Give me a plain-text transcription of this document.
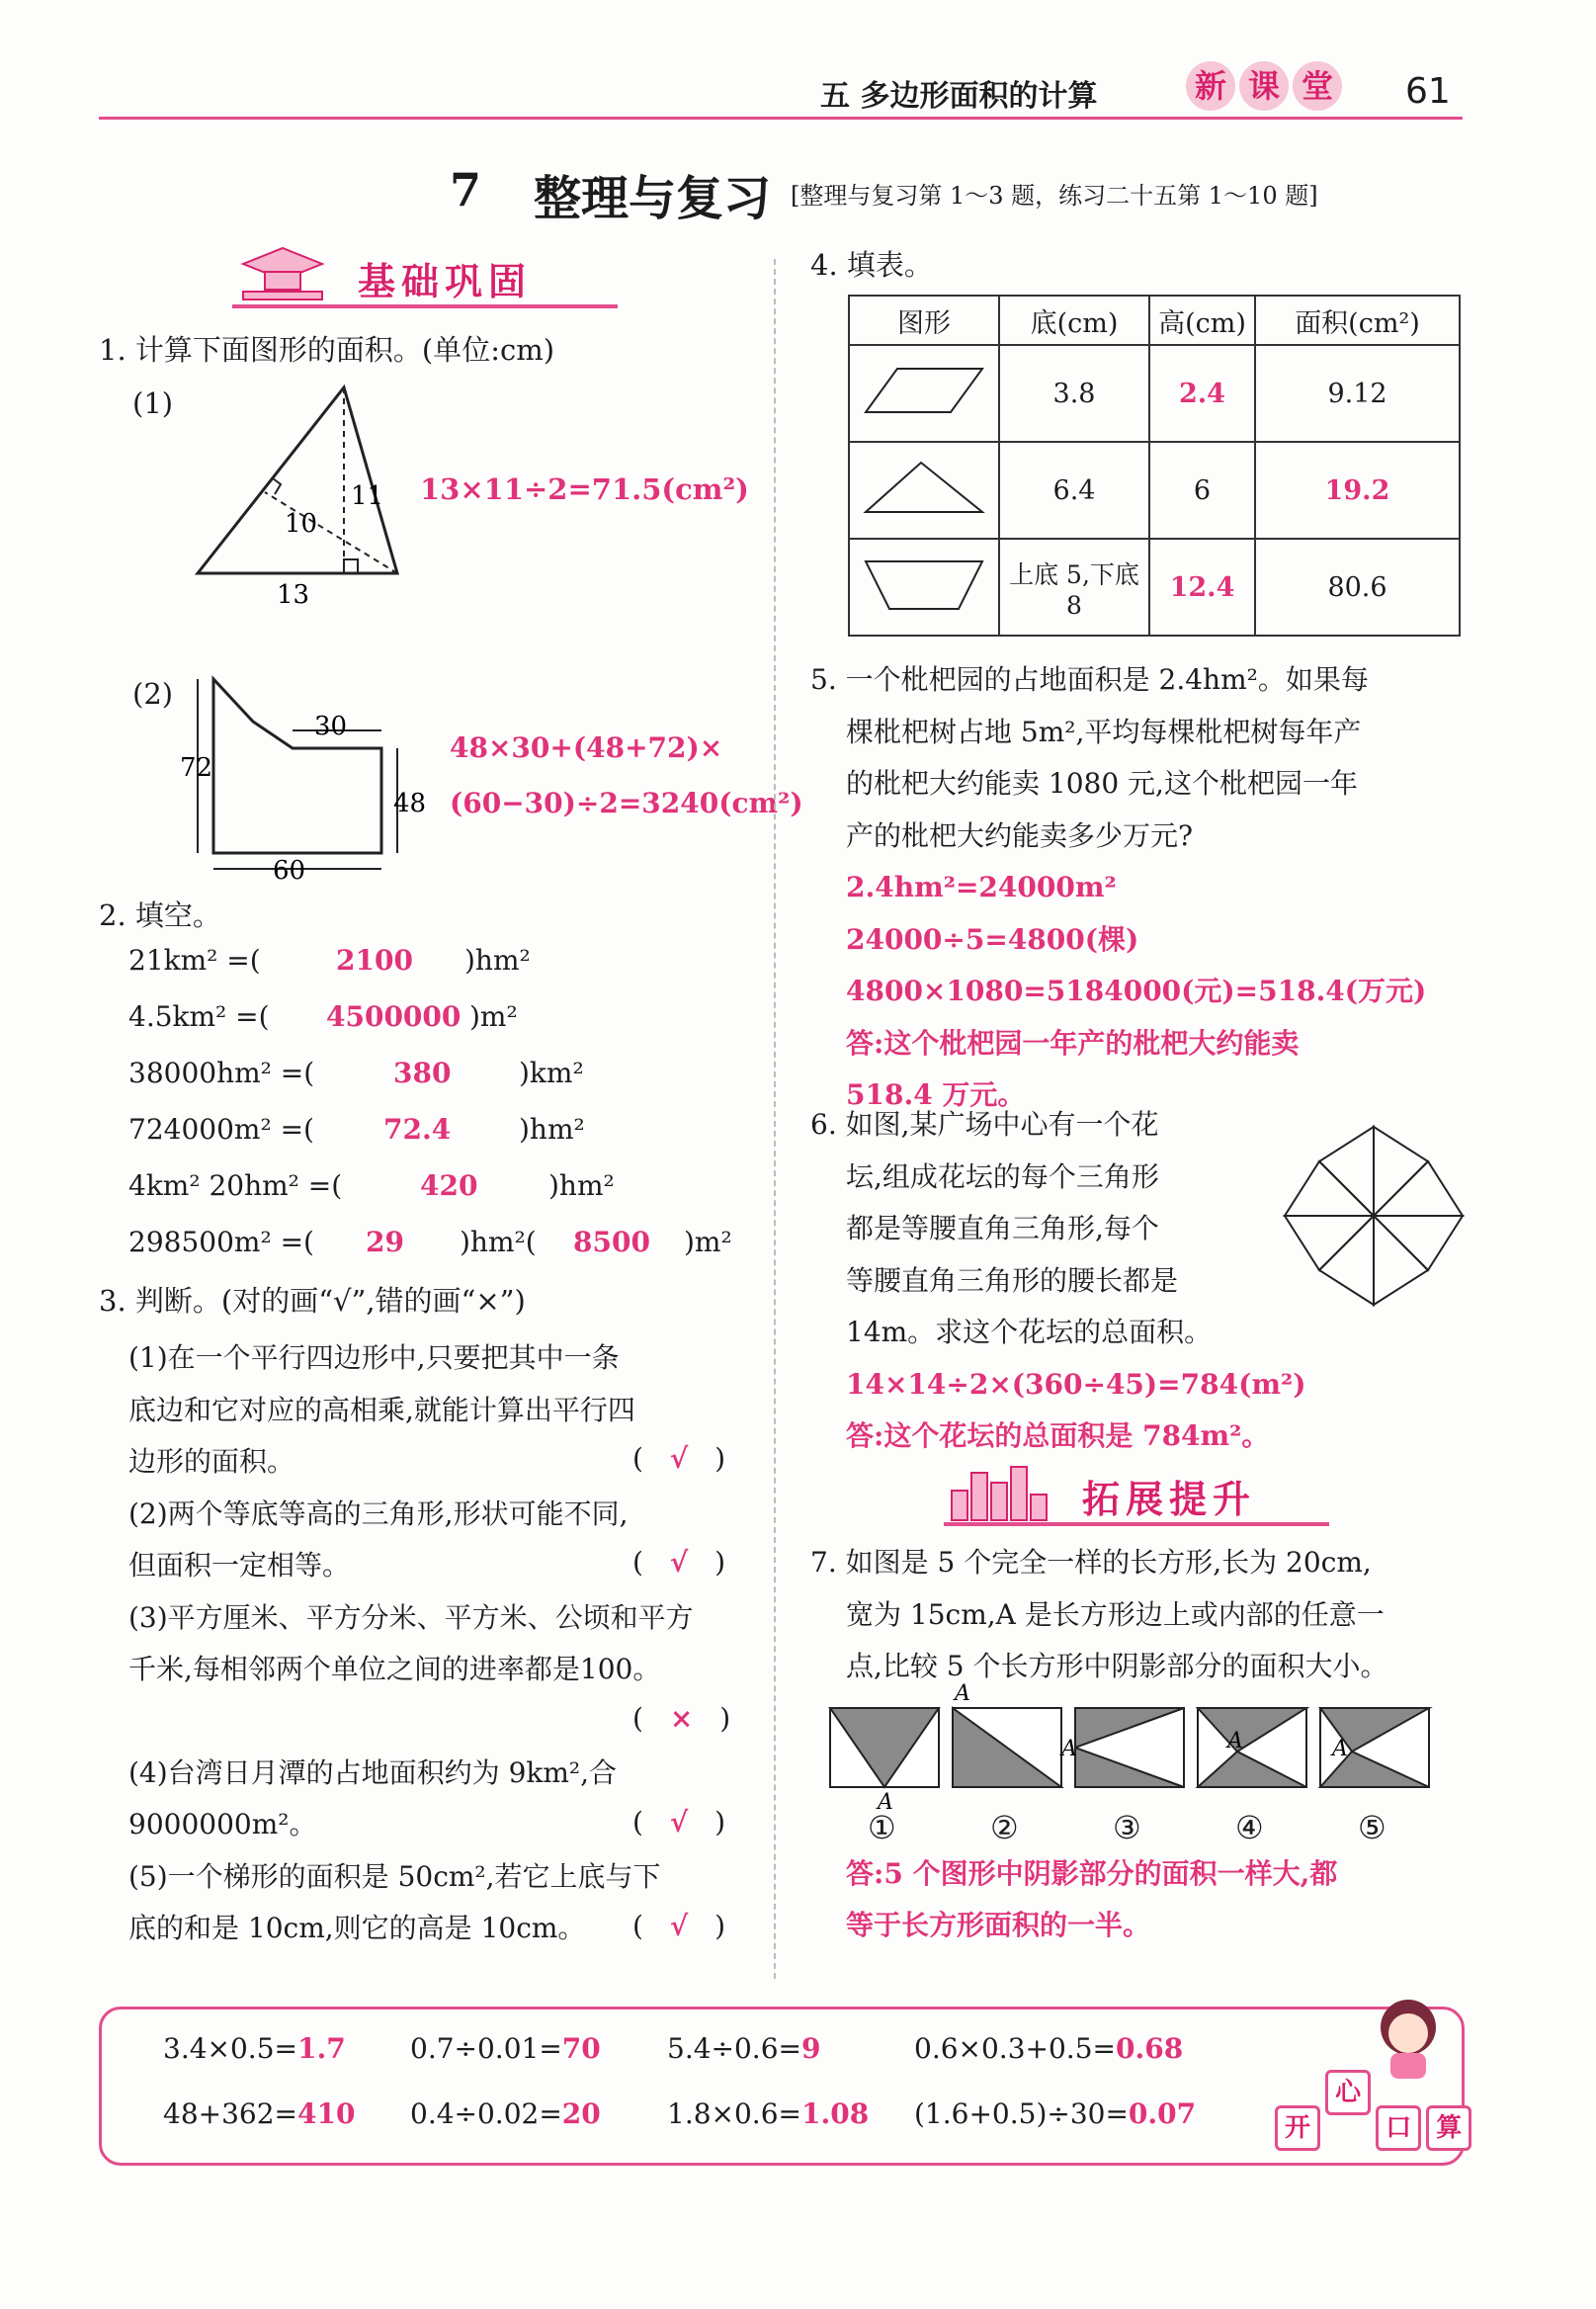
五 多边形面积的计算	新 课 堂	61
7 整理与复习 [整理与复习第 1～3 题，练习二十五第 1～10 题]
基础巩固
1. 计算下面图形的面积。(单位:cm)
(1)
11
10
13
13×11÷2=71.5(cm²)
(2)
72
48
30
60
48×30+(48+72)×
(60−30)÷2=3240(cm²)
2. 填空。
21km² =(	2100 )hm²
4.5km² =( 4500000 )m²
38000hm² =(	380 )km²
724000m² =(	72.4 )hm²
4km² 20hm² =(	420	)hm²
298500m² =( 29 )hm²( 8500 )m²
3. 判断。(对的画“√”,错的画“×”)
(1)在一个平行四边形中,只要把其中一条
底边和它对应的高相乘,就能计算出平行四
边形的面积。
(2)两个等底等高的三角形,形状可能不同,
但面积一定相等。
(3)平方厘米、平方分米、平方米、公顷和平方
千米,每相邻两个单位之间的进率都是100。
(4)台湾日月潭的占地面积约为 9km²,合
9000000m²。
(5)一个梯形的面积是 50cm²,若它上底与下
底的和是 10cm,则它的高是 10cm。
( √ )
( √ )
( × )
( √ )
( √ )
4. 填表。
图形	底(cm)	高(cm)	面积(cm²)
	3.8	2.4	9.12
	6.4	6	19.2
	上底 5,下底 8	12.4	80.6
5. 一个枇杷园的占地面积是 2.4hm²。如果每
棵枇杷树占地 5m²,平均每棵枇杷树每年产
的枇杷大约能卖 1080 元,这个枇杷园一年
产的枇杷大约能卖多少万元?
2.4hm²=24000m²
24000÷5=4800(棵)
4800×1080=5184000(元)=518.4(万元)
答:这个枇杷园一年产的枇杷大约能卖
518.4 万元。
6. 如图,某广场中心有一个花
坛,组成花坛的每个三角形
都是等腰直角三角形,每个
等腰直角三角形的腰长都是
14m。求这个花坛的总面积。
14×14÷2×(360÷45)=784(m²)
答:这个花坛的总面积是 784m²。
拓展提升
7. 如图是 5 个完全一样的长方形,长为 20cm,
宽为 15cm,A 是长方形边上或内部的任意一
点,比较 5 个长方形中阴影部分的面积大小。
A
A
A	A	A
①	②	③	④	⑤
答:5 个图形中阴影部分的面积一样大,都
等于长方形面积的一半。
3.4×0.5=1.7 0.7÷0.01=70 5.4÷0.6=9	0.6×0.3+0.5=0.68
48+362=410 0.4÷0.02=20 1.8×0.6=1.08 (1.6+0.5)÷30=0.07	开 心 口 算
